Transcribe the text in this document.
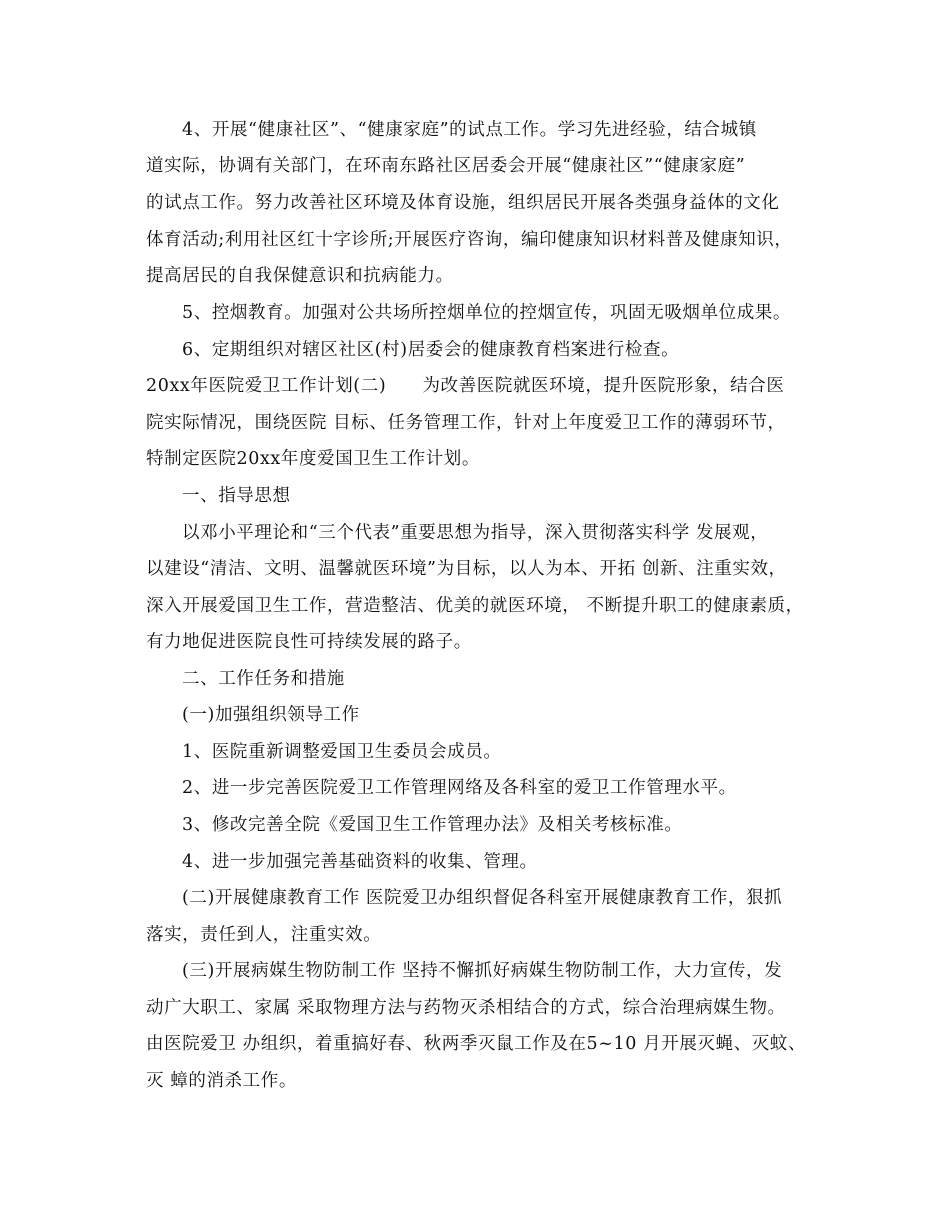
4、开展“健康社区”、“健康家庭”的试点工作。学习先进经验，结合城镇
道实际，协调有关部门，在环南东路社区居委会开展“健康社区”“健康家庭”
的试点工作。努力改善社区环境及体育设施，组织居民开展各类强身益体的文化
体育活动;利用社区红十字诊所;开展医疗咨询，编印健康知识材料普及健康知识，
提高居民的自我保健意识和抗病能力。
5、控烟教育。加强对公共场所控烟单位的控烟宣传，巩固无吸烟单位成果。
6、定期组织对辖区社区(村)居委会的健康教育档案进行检查。
20xx年医院爱卫工作计划(二)　　为改善医院就医环境，提升医院形象，结合医
院实际情况，围绕医院 目标、任务管理工作，针对上年度爱卫工作的薄弱环节，
特制定医院20xx年度爱国卫生工作计划。
一、指导思想
以邓小平理论和“三个代表”重要思想为指导，深入贯彻落实科学 发展观，
以建设“清洁、文明、温馨就医环境”为目标，以人为本、开拓 创新、注重实效，
深入开展爱国卫生工作，营造整洁、优美的就医环境， 不断提升职工的健康素质，
有力地促进医院良性可持续发展的路子。
二、工作任务和措施
(一)加强组织领导工作
1、医院重新调整爱国卫生委员会成员。
2、进一步完善医院爱卫工作管理网络及各科室的爱卫工作管理水平。
3、修改完善全院《爱国卫生工作管理办法》及相关考核标准。
4、进一步加强完善基础资料的收集、管理。
(二)开展健康教育工作 医院爱卫办组织督促各科室开展健康教育工作，狠抓
落实，责任到人，注重实效。
(三)开展病媒生物防制工作 坚持不懈抓好病媒生物防制工作，大力宣传，发
动广大职工、家属 采取物理方法与药物灭杀相结合的方式，综合治理病媒生物。
由医院爱卫 办组织，着重搞好春、秋两季灭鼠工作及在5~10 月开展灭蝇、灭蚊、
灭 蟑的消杀工作。
